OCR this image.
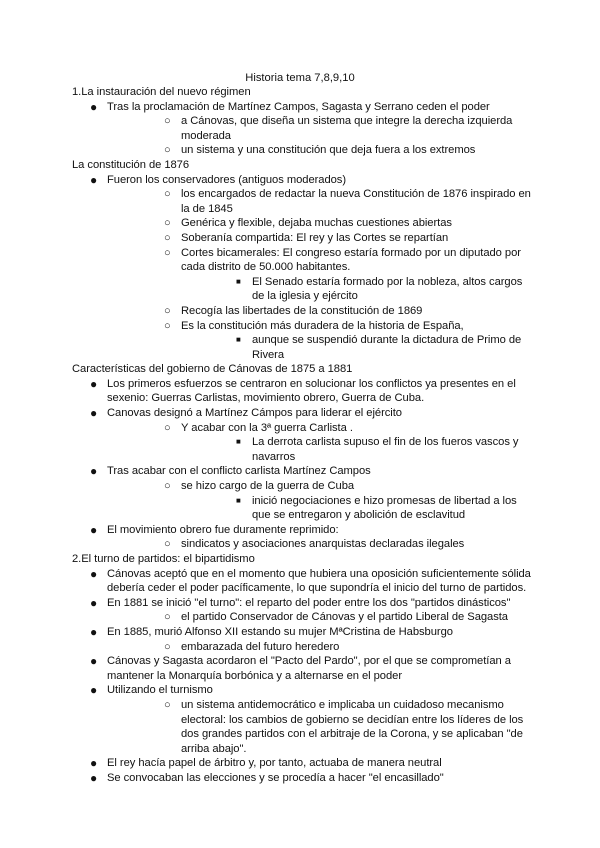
Historia tema 7,8,9,10
1.La instauración del nuevo régimen
● Tras la proclamación de Martínez Campos, Sagasta y Serrano ceden el poder
○ a Cánovas, que diseña un sistema que integre la derecha izquierda moderada
○ un sistema y una constitución que deja fuera a los extremos
La constitución de 1876
● Fueron los conservadores (antiguos moderados)
○ los encargados de redactar la nueva Constitución de 1876 inspirado en la de 1845
○ Genérica y flexible, dejaba muchas cuestiones abiertas
○ Soberanía compartida: El rey y las Cortes se repartían
○ Cortes bicamerales: El congreso estaría formado por un diputado por cada distrito de 50.000 habitantes.
■ El Senado estaría formado por la nobleza, altos cargos de la iglesia y ejército
○ Recogía las libertades de la constitución de 1869
○ Es la constitución más duradera de la historia de España,
■ aunque se suspendió durante la dictadura de Primo de Rivera
Características del gobierno de Cánovas de 1875 a 1881
● Los primeros esfuerzos se centraron en solucionar los conflictos ya presentes en el sexenio: Guerras Carlistas, movimiento obrero, Guerra de Cuba.
● Canovas designó a Martínez Cámpos para liderar el ejército
○ Y acabar con la 3ª guerra Carlista .
■ La derrota carlista supuso el fin de los fueros vascos y navarros
● Tras acabar con el conflicto carlista Martínez Campos
○ se hizo cargo de la guerra de Cuba
■ inició negociaciones e hizo promesas de libertad a los que se entregaron y abolición de esclavitud
● El movimiento obrero fue duramente reprimido:
○ sindicatos y asociaciones anarquistas declaradas ilegales
2.El turno de partidos: el bipartidismo
● Cánovas aceptó que en el momento que hubiera una oposición suficientemente sólida debería ceder el poder pacíficamente, lo que supondría el inicio del turno de partidos.
● En 1881 se inició "el turno": el reparto del poder entre los dos "partidos dinásticos"
○ el partido Conservador de Cánovas y el partido Liberal de Sagasta
● En 1885, murió Alfonso XII estando su mujer MªCristina de Habsburgo
○ embarazada del futuro heredero
● Cánovas y Sagasta acordaron el "Pacto del Pardo", por el que se comprometían a mantener la Monarquía borbónica y a alternarse en el poder
● Utilizando el turnismo
○ un sistema antidemocrático e implicaba un cuidadoso mecanismo electoral: los cambios de gobierno se decidían entre los líderes de los dos grandes partidos con el arbitraje de la Corona, y se aplicaban "de arriba abajo".
● El rey hacía papel de árbitro y, por tanto, actuaba de manera neutral
● Se convocaban las elecciones y se procedía a hacer "el encasillado"
